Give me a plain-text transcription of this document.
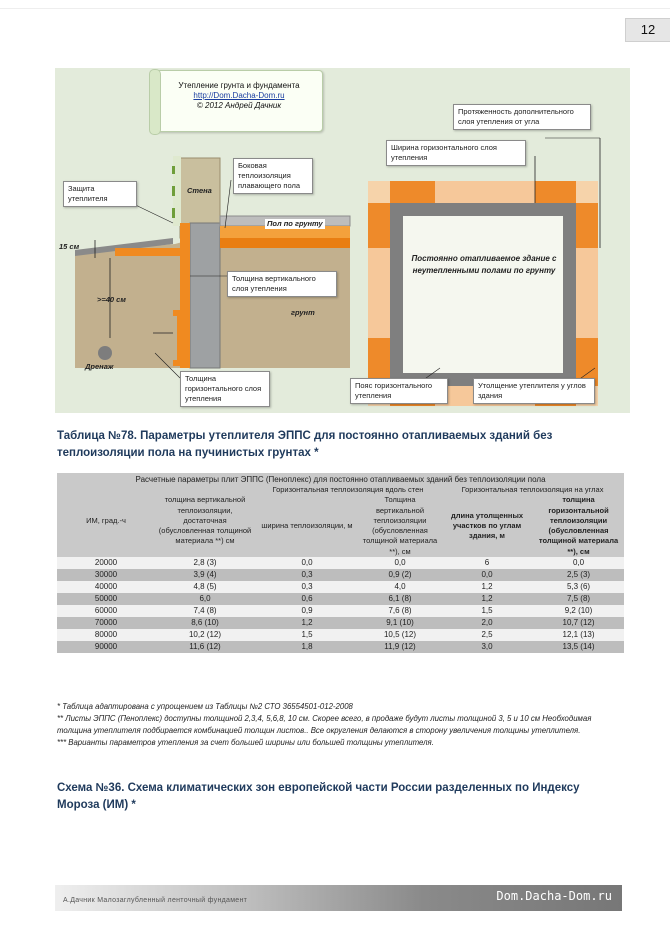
12
Утепление грунта и фундамента
http://Dom.Dacha-Dom.ru
© 2012 Андрей Дачник
Защита утеплителя
Боковая теплоизоляция плавающего пола
Толщина вертикального слоя утепления
Толщина горизонтального слоя утепления
Протяженность дополнительного слоя утепления от угла
Ширина горизонтального слоя утепления
Пояс горизонтального утепления
Утолщение утеплителя у углов здания
Стена
Пол по грунту
грунт
Дренаж
15 см
>=40 см
Постоянно отапливаемое здание с неутепленными полами по грунту
Таблица №78. Параметры утеплителя ЭППС для постоянно отапливаемых зданий без теплоизоляции пола на пучинистых грунтах *
Расчетные параметры плит ЭППС (Пеноплекс) для постоянно отапливаемых зданий без теплоизоляции пола					
ИМ, град.-ч	толщина вертикальной теплоизоляции, достаточная (обусловленная толщиной материала **) см	Горизонтальная теплоизоляция вдоль стен		Горизонтальная теплоизоляция на углах	
		ширина теплоизоляции, м	Толщина вертикальной теплоизоляции (обусловленная толщиной материала **), см	длина утолщенных участков по углам здания, м	толщина горизонтальной теплоизоляции (обусловленная толщиной материала **), см
20000	2,8 (3)	0,0	0,0	6	0,0
30000	3,9 (4)	0,3	0,9 (2)	0,0	2,5 (3)
40000	4,8 (5)	0,3	4,0	1,2	5,3 (6)
50000	6,0	0,6	6,1 (8)	1,2	7,5 (8)
60000	7,4 (8)	0,9	7,6 (8)	1,5	9,2 (10)
70000	8,6 (10)	1,2	9,1 (10)	2,0	10,7 (12)
80000	10,2 (12)	1,5	10,5 (12)	2,5	12,1 (13)
90000	11,6 (12)	1,8	11,9 (12)	3,0	13,5 (14)
* Таблица адаптирована с упрощением из Таблицы №2 СТО 36554501-012-2008
** Листы ЭППС (Пеноплекс) доступны толщиной 2,3,4, 5,6,8, 10 см. Скорее всего, в продаже будут листы толщиной 3, 5 и 10 см Необходимая толщина утеплителя подбирается комбинацией толщин листов.. Все округления делаются в сторону увеличения толщины утеплителя.
*** Варианты параметров утепления за счет большей ширины или большей толщины утеплителя.
Схема №36. Схема климатических зон европейской части России разделенных по Индексу Мороза (ИМ) *
А.Дачник Малозаглубленный ленточный фундамент	Dom.Dacha-Dom.ru
